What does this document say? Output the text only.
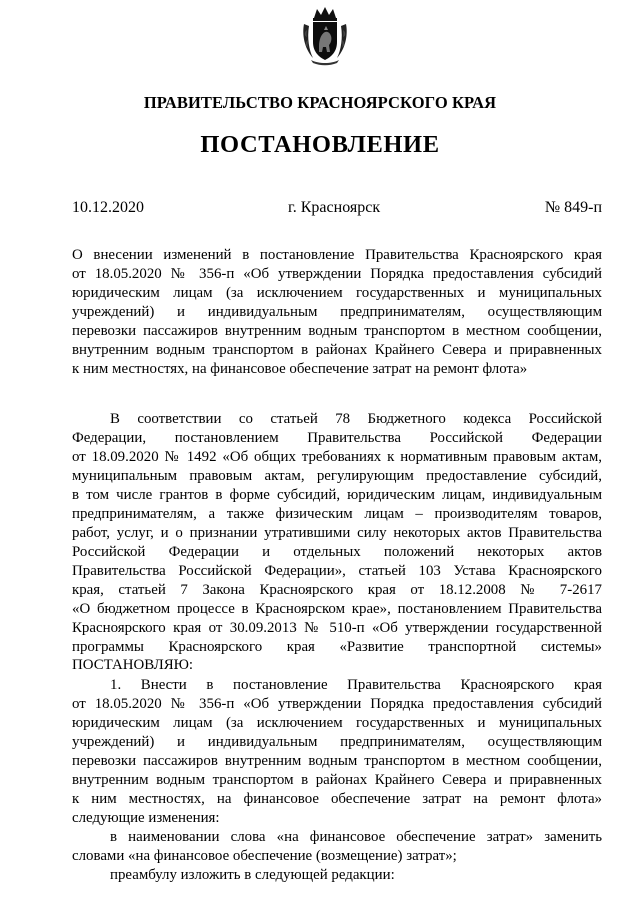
ПРАВИТЕЛЬСТВО КРАСНОЯРСКОГО КРАЯ
ПОСТАНОВЛЕНИЕ
10.12.2020	г. Красноярск	№ 849-п
О внесении изменений в постановление Правительства Красноярского края
от 18.05.2020 № 356-п «Об утверждении Порядка предоставления субсидий
юридическим лицам (за исключением государственных и муниципальных
учреждений) и индивидуальным предпринимателям, осуществляющим
перевозки пассажиров внутренним водным транспортом в местном сообщении,
внутренним водным транспортом в районах Крайнего Севера и приравненных
к ним местностях, на финансовое обеспечение затрат на ремонт флота»
В соответствии со статьей 78 Бюджетного кодекса Российской
Федерации, постановлением Правительства Российской Федерации
от 18.09.2020 № 1492 «Об общих требованиях к нормативным правовым актам,
муниципальным правовым актам, регулирующим предоставление субсидий,
в том числе грантов в форме субсидий, юридическим лицам, индивидуальным
предпринимателям, а также физическим лицам – производителям товаров,
работ, услуг, и о признании утратившими силу некоторых актов Правительства
Российской Федерации и отдельных положений некоторых актов
Правительства Российской Федерации», статьей 103 Устава Красноярского
края, статьей 7 Закона Красноярского края от 18.12.2008 № 7-2617
«О бюджетном процессе в Красноярском крае», постановлением Правительства
Красноярского края от 30.09.2013 № 510-п «Об утверждении государственной
программы Красноярского края «Развитие транспортной системы»
ПОСТАНОВЛЯЮ:
1. Внести в постановление Правительства Красноярского края
от 18.05.2020 № 356-п «Об утверждении Порядка предоставления субсидий
юридическим лицам (за исключением государственных и муниципальных
учреждений) и индивидуальным предпринимателям, осуществляющим
перевозки пассажиров внутренним водным транспортом в местном сообщении,
внутренним водным транспортом в районах Крайнего Севера и приравненных
к ним местностях, на финансовое обеспечение затрат на ремонт флота»
следующие изменения:
в наименовании слова «на финансовое обеспечение затрат» заменить
словами «на финансовое обеспечение (возмещение) затрат»;
преамбулу изложить в следующей редакции:
